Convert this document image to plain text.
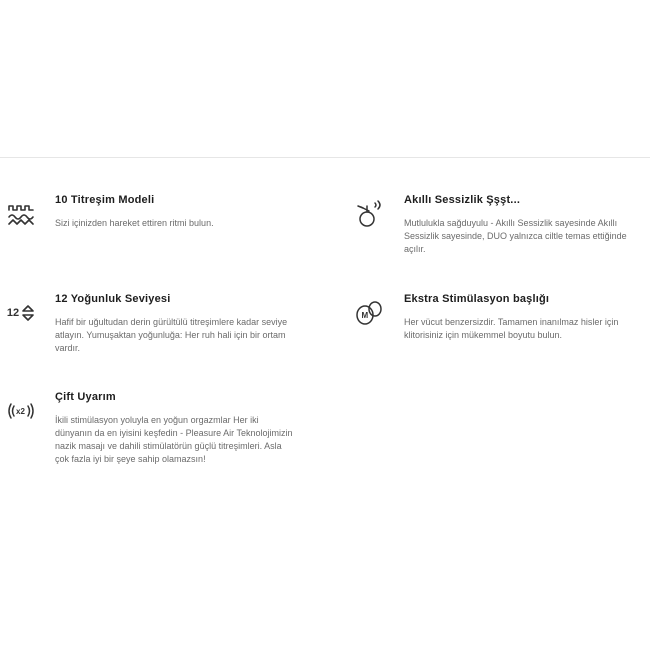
10 Titreşim Modeli
Sizi içinizden hareket ettiren ritmi bulun.
Akıllı Sessizlik Şşşt...
Mutlulukla sağduyulu - Akıllı Sessizlik sayesinde Akıllı Sessizlik sayesinde, DUO yalnızca ciltle temas ettiğinde açılır.
12
12 Yoğunluk Seviyesi
Hafif bir uğultudan derin gürültülü titreşimlere kadar seviye atlayın. Yumuşaktan yoğunluğa: Her ruh hali için bir ortam vardır.
M
Ekstra Stimülasyon başlığı
Her vücut benzersizdir. Tamamen inanılmaz hisler için klitorisiniz için mükemmel boyutu bulun.
x2
Çift Uyarım
İkili stimülasyon yoluyla en yoğun orgazmlar Her iki dünyanın da en iyisini keşfedin - Pleasure Air Teknolojimizin nazik masajı ve dahili stimülatörün güçlü titreşimleri. Asla çok fazla iyi bir şeye sahip olamazsın!
